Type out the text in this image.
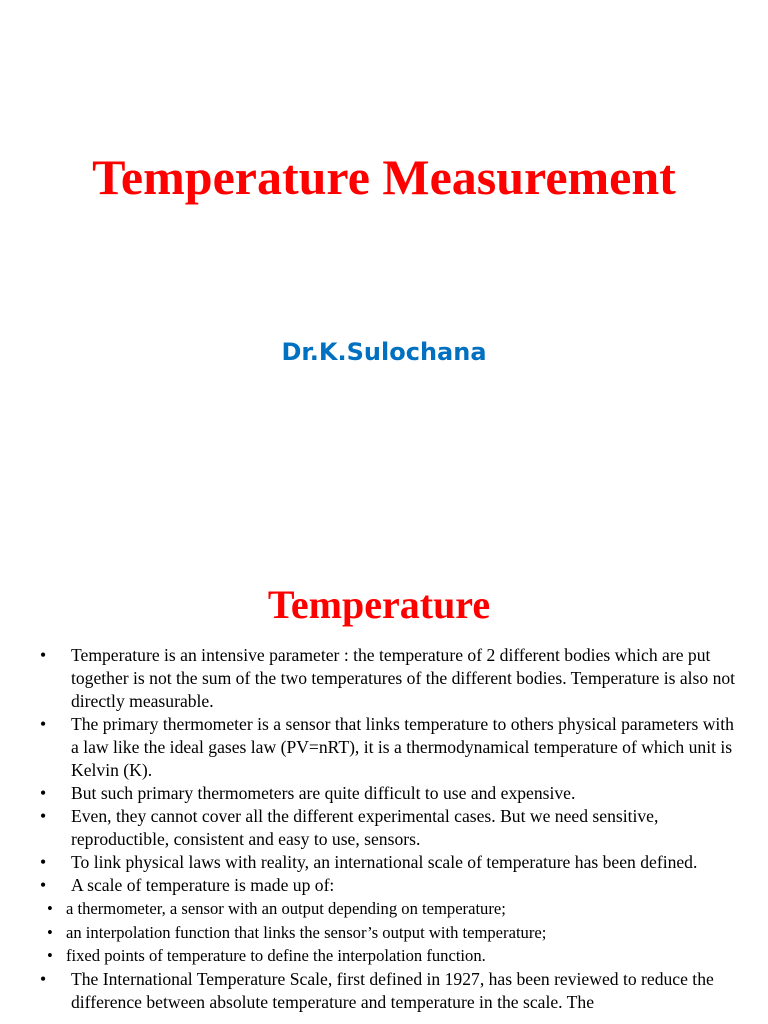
Temperature Measurement
Dr.K.Sulochana
Temperature
• Temperature is an intensive parameter : the temperature of 2 different bodies which are put together is not the sum of the two temperatures of the different bodies. Temperature is also not directly measurable.
• The primary thermometer is a sensor that links temperature to others physical parameters with a law like the ideal gases law (PV=nRT), it is a thermodynamical temperature of which unit is Kelvin (K).
• But such primary thermometers are quite difficult to use and expensive.
• Even, they cannot cover all the different experimental cases. But we need sensitive, reproductible, consistent and easy to use, sensors.
• To link physical laws with reality, an international scale of temperature has been defined.
• A scale of temperature is made up of:
• a thermometer, a sensor with an output depending on temperature;
• an interpolation function that links the sensor’s output with temperature;
• fixed points of temperature to define the interpolation function.
• The International Temperature Scale, first defined in 1927, has been reviewed to reduce the difference between absolute temperature and temperature in the scale. The
